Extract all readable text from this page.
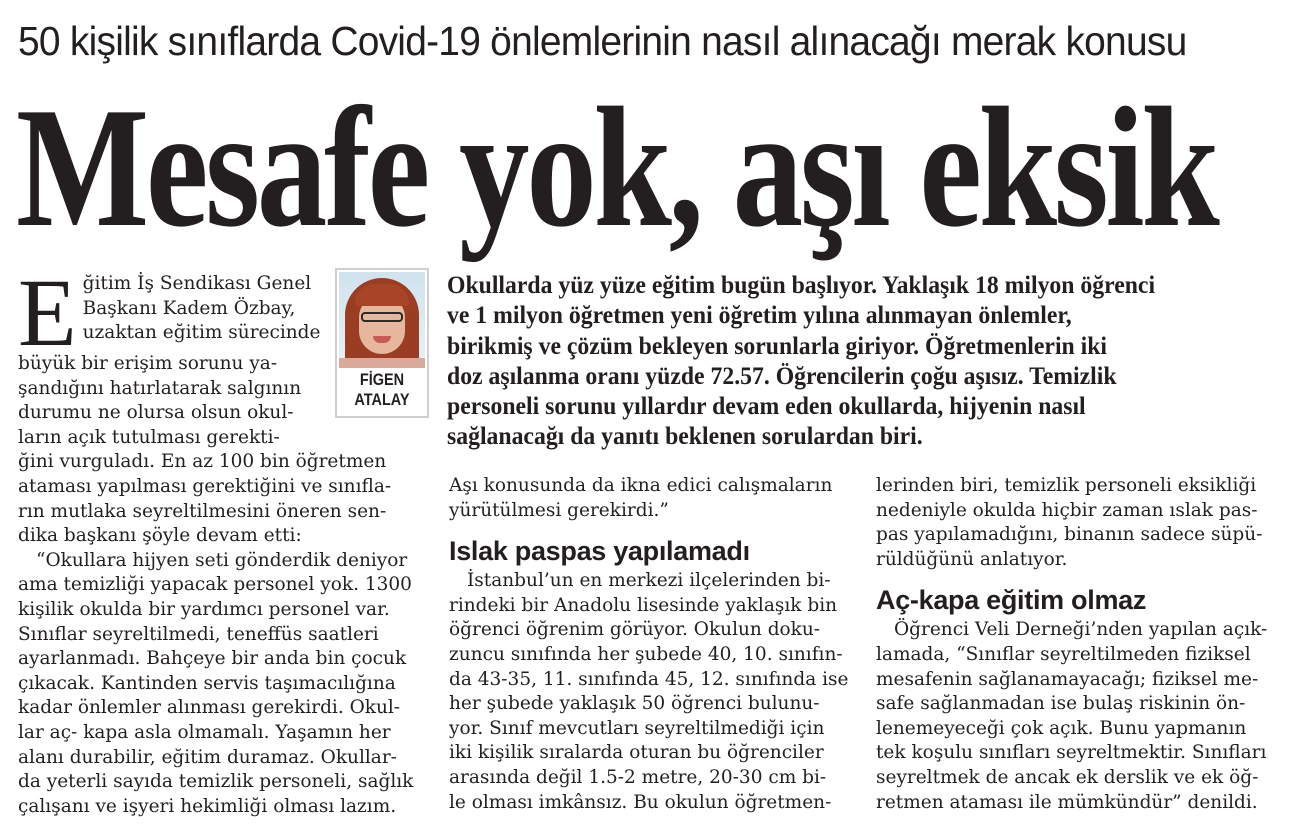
50 kişilik sınıflarda Covid-19 önlemlerinin nasıl alınacağı merak konusu
Mesafe yok, aşı eksik
E ğitim İş Sendikası Genel
Başkanı Kadem Özbay,
uzaktan eğitim sürecinde
büyük bir erişim sorunu ya-
şandığını hatırlatarak salgının
durumu ne olursa olsun okul-
ların açık tutulması gerekti-
ğini vurguladı. En az 100 bin öğretmen
ataması yapılması gerektiğini ve sınıfla-
rın mutlaka seyreltilmesini öneren sen-
dika başkanı şöyle devam etti:
“Okullara hijyen seti gönderdik deniyor
ama temizliği yapacak personel yok. 1300
kişilik okulda bir yardımcı personel var.
Sınıflar seyreltilmedi, teneffüs saatleri
ayarlanmadı. Bahçeye bir anda bin çocuk
çıkacak. Kantinden servis taşımacılığına
kadar önlemler alınması gerekirdi. Okul-
lar aç- kapa asla olmamalı. Yaşamın her
alanı durabilir, eğitim duramaz. Okullar-
da yeterli sayıda temizlik personeli, sağlık
çalışanı ve işyeri hekimliği olması lazım.
FİGEN
ATALAY
Okullarda yüz yüze eğitim bugün başlıyor. Yaklaşık 18 milyon öğrenci
ve 1 milyon öğretmen yeni öğretim yılına alınmayan önlemler,
birikmiş ve çözüm bekleyen sorunlarla giriyor. Öğretmenlerin iki
doz aşılanma oranı yüzde 72.57. Öğrencilerin çoğu aşısız. Temizlik
personeli sorunu yıllardır devam eden okullarda, hijyenin nasıl
sağlanacağı da yanıtı beklenen sorulardan biri.
Aşı konusunda da ikna edici calışmaların
yürütülmesi gerekirdi.”
Islak paspas yapılamadı
İstanbul’un en merkezi ilçelerinden bi-
rindeki bir Anadolu lisesinde yaklaşık bin
öğrenci öğrenim görüyor. Okulun doku-
zuncu sınıfında her şubede 40, 10. sınıfın-
da 43-35, 11. sınıfında 45, 12. sınıfında ise
her şubede yaklaşık 50 öğrenci bulunu-
yor. Sınıf mevcutları seyreltilmediği için
iki kişilik sıralarda oturan bu öğrenciler
arasında değil 1.5-2 metre, 20-30 cm bi-
le olması imkânsız. Bu okulun öğretmen-
lerinden biri, temizlik personeli eksikliği
nedeniyle okulda hiçbir zaman ıslak pas-
pas yapılamadığını, binanın sadece süpü-
rüldüğünü anlatıyor.
Aç-kapa eğitim olmaz
Öğrenci Veli Derneği’nden yapılan açık-
lamada, “Sınıflar seyreltilmeden fiziksel
mesafenin sağlanamayacağı; fiziksel me-
safe sağlanmadan ise bulaş riskinin ön-
lenemeyeceği çok açık. Bunu yapmanın
tek koşulu sınıfları seyreltmektir. Sınıfları
seyreltmek de ancak ek derslik ve ek öğ-
retmen ataması ile mümkündür” denildi.
